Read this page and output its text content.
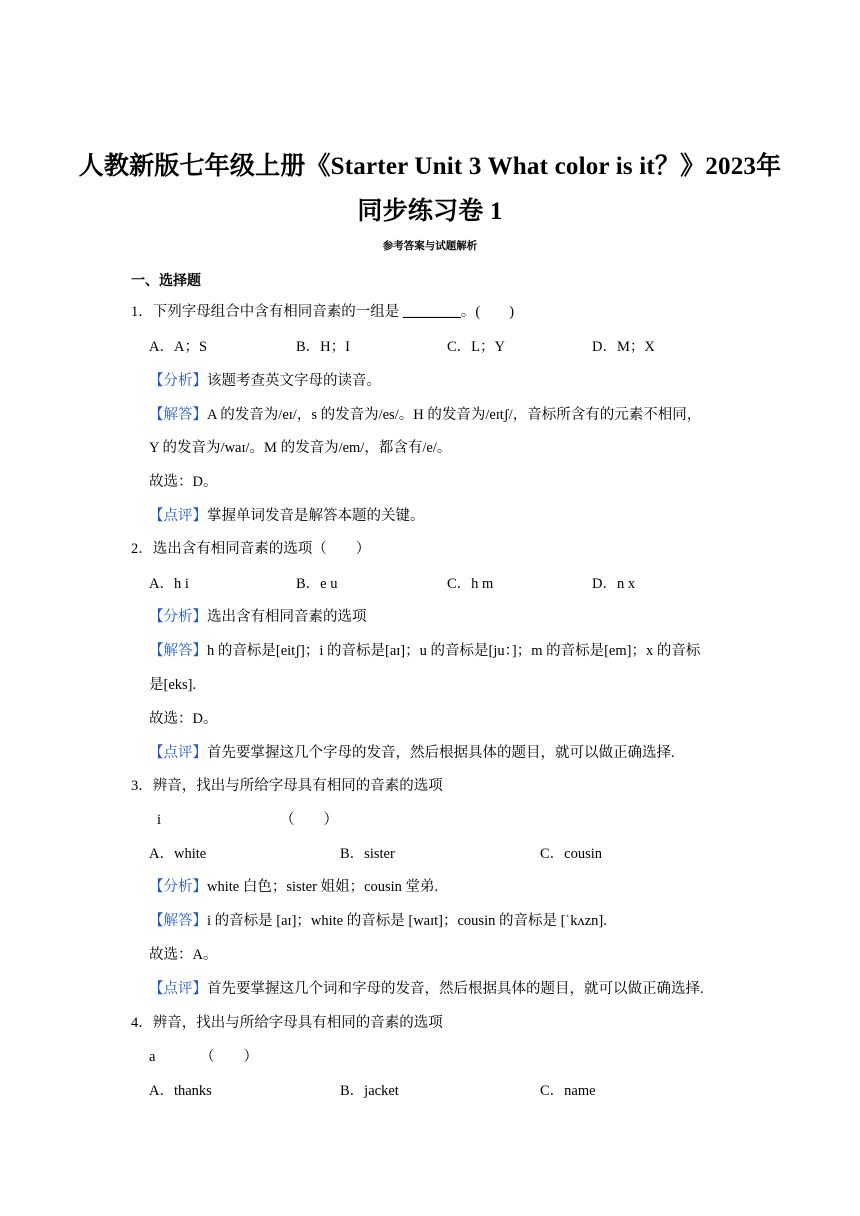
人教新版七年级上册《Starter Unit 3 What color is it？》2023年
同步练习卷 1
参考答案与试题解析
一、选择题
1．下列字母组合中含有相同音素的一组是 ________。(　　)
A．A；S	B．H；I	C．L；Y	D．M；X
【分析】该题考查英文字母的读音。
【解答】A 的发音为/eɪ/，s 的发音为/es/。H 的发音为/eɪtʃ/，音标所含有的元素不相同，
Y 的发音为/waɪ/。M 的发音为/em/，都含有/e/。
故选：D。
【点评】掌握单词发音是解答本题的关键。
2．选出含有相同音素的选项（　　）
A．h i	B．e u	C．h m	D．n x
【分析】选出含有相同音素的选项
【解答】h 的音标是[eitʃ]；i 的音标是[aɪ]；u 的音标是[ju：]；m 的音标是[em]；x 的音标
是[eks].
故选：D。
【点评】首先要掌握这几个字母的发音，然后根据具体的题目，就可以做正确选择.
3．辨音，找出与所给字母具有相同的音素的选项
i	（　　）
A．white	B．sister	C．cousin
【分析】white 白色；sister 姐姐；cousin 堂弟.
【解答】i 的音标是 [aɪ]；white 的音标是 [waɪt]；cousin 的音标是 [ˈkʌzn].
故选：A。
【点评】首先要掌握这几个词和字母的发音，然后根据具体的题目，就可以做正确选择.
4．辨音，找出与所给字母具有相同的音素的选项
a	（　　）
A．thanks	B．jacket	C．name
